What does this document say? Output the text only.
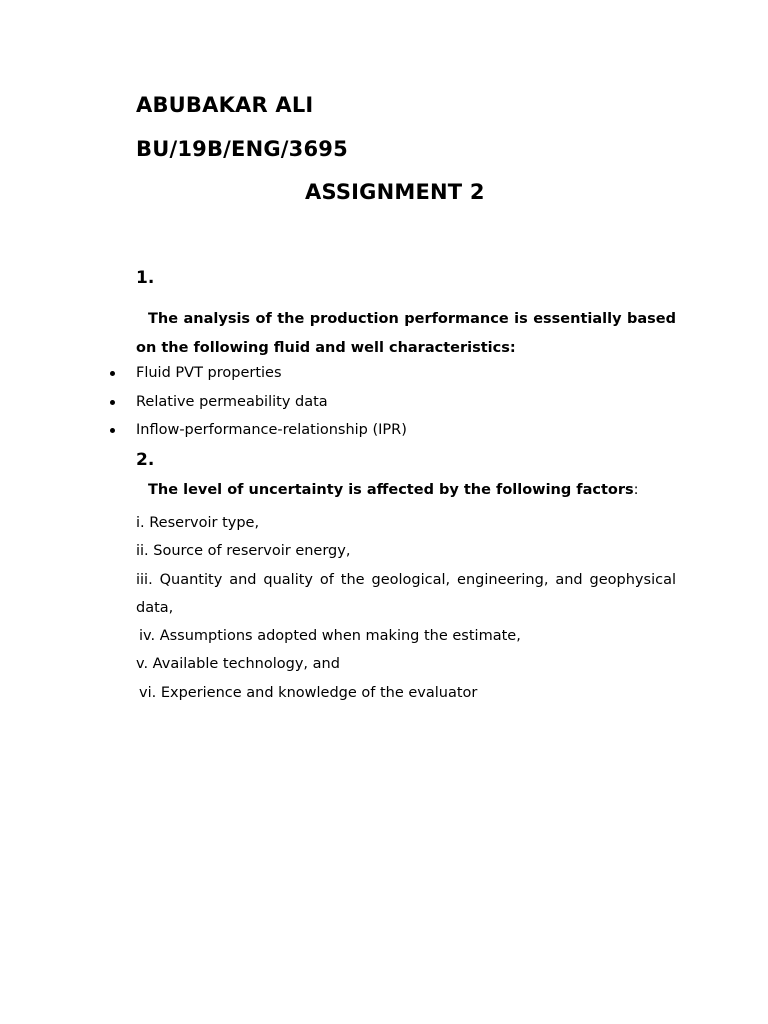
ABUBAKAR ALI
BU/19B/ENG/3695
ASSIGNMENT 2
1.
The analysis of the production performance is essentially based on the following fluid and well characteristics:
Fluid PVT properties
Relative permeability data
Inflow-performance-relationship (IPR)
2.
The level of uncertainty is affected by the following factors:
i. Reservoir type,
ii. Source of reservoir energy,
iii. Quantity and quality of the geological, engineering, and geophysical data,
iv. Assumptions adopted when making the estimate,
v. Available technology, and
vi. Experience and knowledge of the evaluator
